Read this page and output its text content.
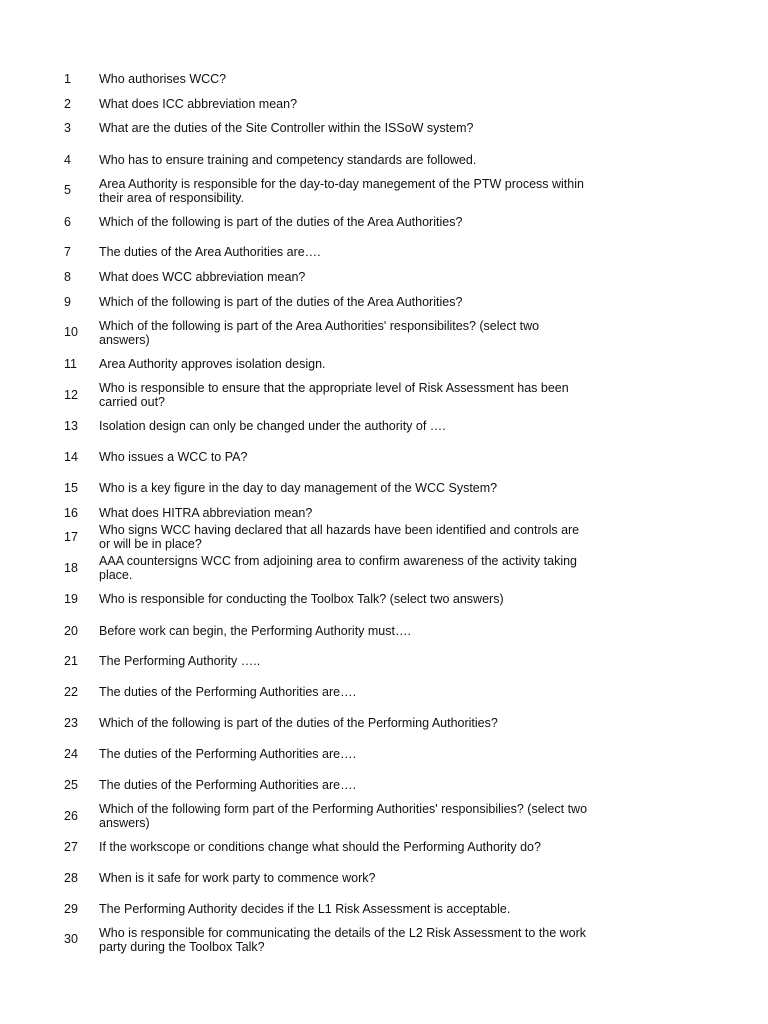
1	Who authorises WCC?
2	What does ICC abbreviation mean?
3	What are the duties of the Site Controller within the ISSoW system?
4	Who has to ensure training and competency standards are followed.
5	Area Authority is responsible for the day-to-day manegement of the PTW process within their area of responsibility.
6	Which of the following is part of the duties of the Area Authorities?
7	The duties of the Area Authorities are….
8	What does WCC abbreviation mean?
9	Which of the following is part of the duties of the Area Authorities?
10	Which of the following is part of the Area Authorities' responsibilites? (select two answers)
11	Area Authority approves isolation design.
12	Who is responsible to ensure that the appropriate level of Risk Assessment has been carried out?
13	Isolation design can only be changed under the authority of ….
14	Who issues a WCC to PA?
15	Who is a key figure in the day to day management of the WCC System?
16	What does HITRA abbreviation mean?
17	Who signs WCC having declared that all hazards have been identified and controls are or will be in place?
18	AAA countersigns WCC from adjoining area to confirm awareness of the activity taking place.
19	Who is responsible for conducting the Toolbox Talk? (select two answers)
20	Before work can begin, the Performing Authority must….
21	The Performing Authority …..
22	The duties of the Performing Authorities are….
23	Which of the following is part of the duties of the Performing Authorities?
24	The duties of the Performing Authorities are….
25	The duties of the Performing Authorities are….
26	Which of the following form part of the Performing Authorities' responsibilies? (select two answers)
27	If the workscope or conditions change what should the Performing Authority do?
28	When is it safe for work party to commence work?
29	The Performing Authority decides if the L1 Risk Assessment is acceptable.
30	Who is responsible for communicating the details of the L2 Risk Assessment to the work party during the Toolbox Talk?
